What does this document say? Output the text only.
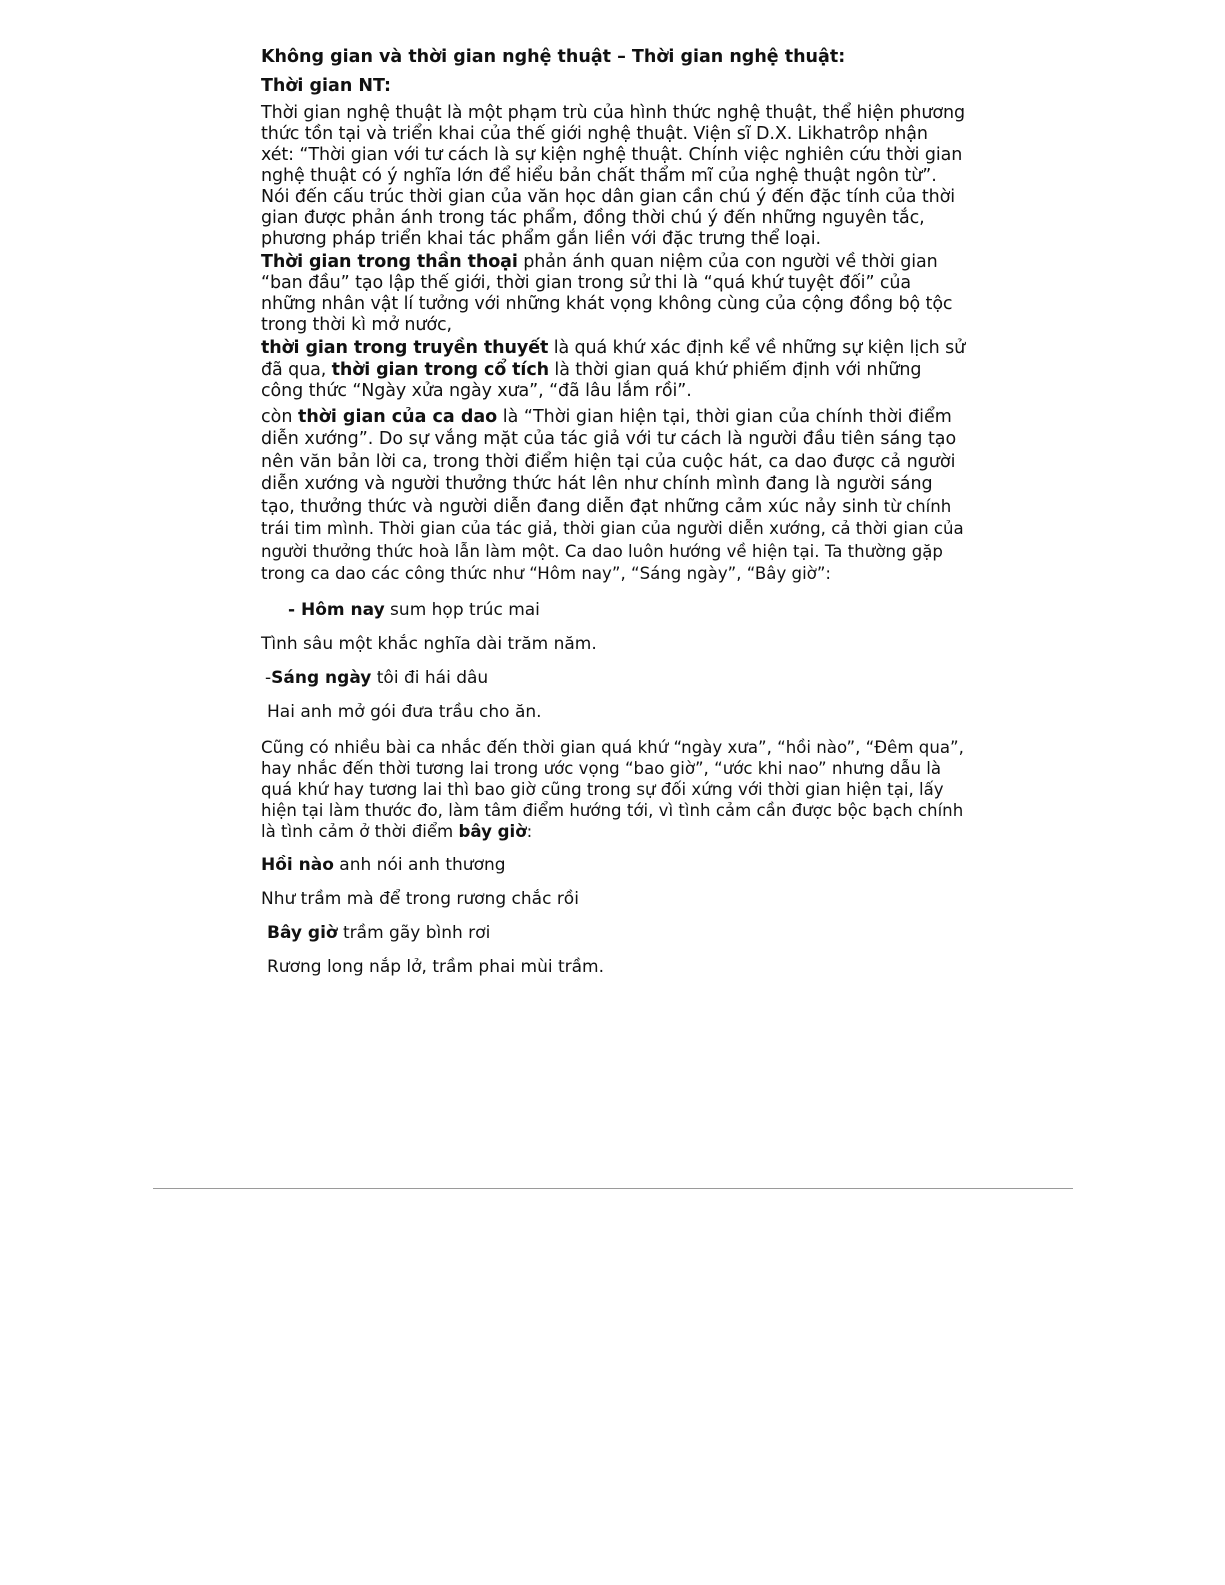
Không gian và thời gian nghệ thuật – Thời gian nghệ thuật:

Thời gian NT:

Thời gian nghệ thuật là một phạm trù của hình thức nghệ thuật, thể hiện phương thức tồn tại và triển khai của thế giới nghệ thuật. Viện sĩ D.X. Likhatrôp nhận xét: “Thời gian với tư cách là sự kiện nghệ thuật. Chính việc nghiên cứu thời gian nghệ thuật có ý nghĩa lớn để hiểu bản chất thẩm mĩ của nghệ thuật ngôn từ”. Nói đến cấu trúc thời gian của văn học dân gian cần chú ý đến đặc tính của thời gian được phản ánh trong tác phẩm, đồng thời chú ý đến những nguyên tắc, phương pháp triển khai tác phẩm gắn liền với đặc trưng thể loại.

Thời gian trong thần thoại phản ánh quan niệm của con người về thời gian “ban đầu” tạo lập thế giới, thời gian trong sử thi là “quá khứ tuyệt đối” của những nhân vật lí tưởng với những khát vọng không cùng của cộng đồng bộ tộc trong thời kì mở nước,

thời gian trong truyền thuyết là quá khứ xác định kể về những sự kiện lịch sử đã qua, thời gian trong cổ tích là thời gian quá khứ phiếm định với những công thức “Ngày xửa ngày xưa”, “đã lâu lắm rồi”.

còn thời gian của ca dao là “Thời gian hiện tại, thời gian của chính thời điểm diễn xướng”. Do sự vắng mặt của tác giả với tư cách là người đầu tiên sáng tạo nên văn bản lời ca, trong thời điểm hiện tại của cuộc hát, ca dao được cả người diễn xướng và người thưởng thức hát lên như chính mình đang là người sáng tạo, thưởng thức và người diễn đang diễn đạt những cảm xúc nảy sinh từ chính trái tim mình. Thời gian của tác giả, thời gian của người diễn xướng, cả thời gian của người thưởng thức hoà lẫn làm một. Ca dao luôn hướng về hiện tại. Ta thường gặp trong ca dao các công thức như “Hôm nay”, “Sáng ngày”, “Bây giờ”:

- Hôm nay sum họp trúc mai

Tình sâu một khắc nghĩa dài trăm năm.

-Sáng ngày tôi đi hái dâu

Hai anh mở gói đưa trầu cho ăn.

Cũng có nhiều bài ca nhắc đến thời gian quá khứ “ngày xưa”, “hồi nào”, “Đêm qua”, hay nhắc đến thời tương lai trong ước vọng “bao giờ”, “ước khi nao” nhưng dẫu là quá khứ hay tương lai thì bao giờ cũng trong sự đối xứng với thời gian hiện tại, lấy hiện tại làm thước đo, làm tâm điểm hướng tới, vì tình cảm cần được bộc bạch chính là tình cảm ở thời điểm bây giờ:

Hồi nào anh nói anh thương

Như trầm mà để trong rương chắc rồi

Bây giờ trầm gãy bình rơi

Rương long nắp lở, trầm phai mùi trầm.
